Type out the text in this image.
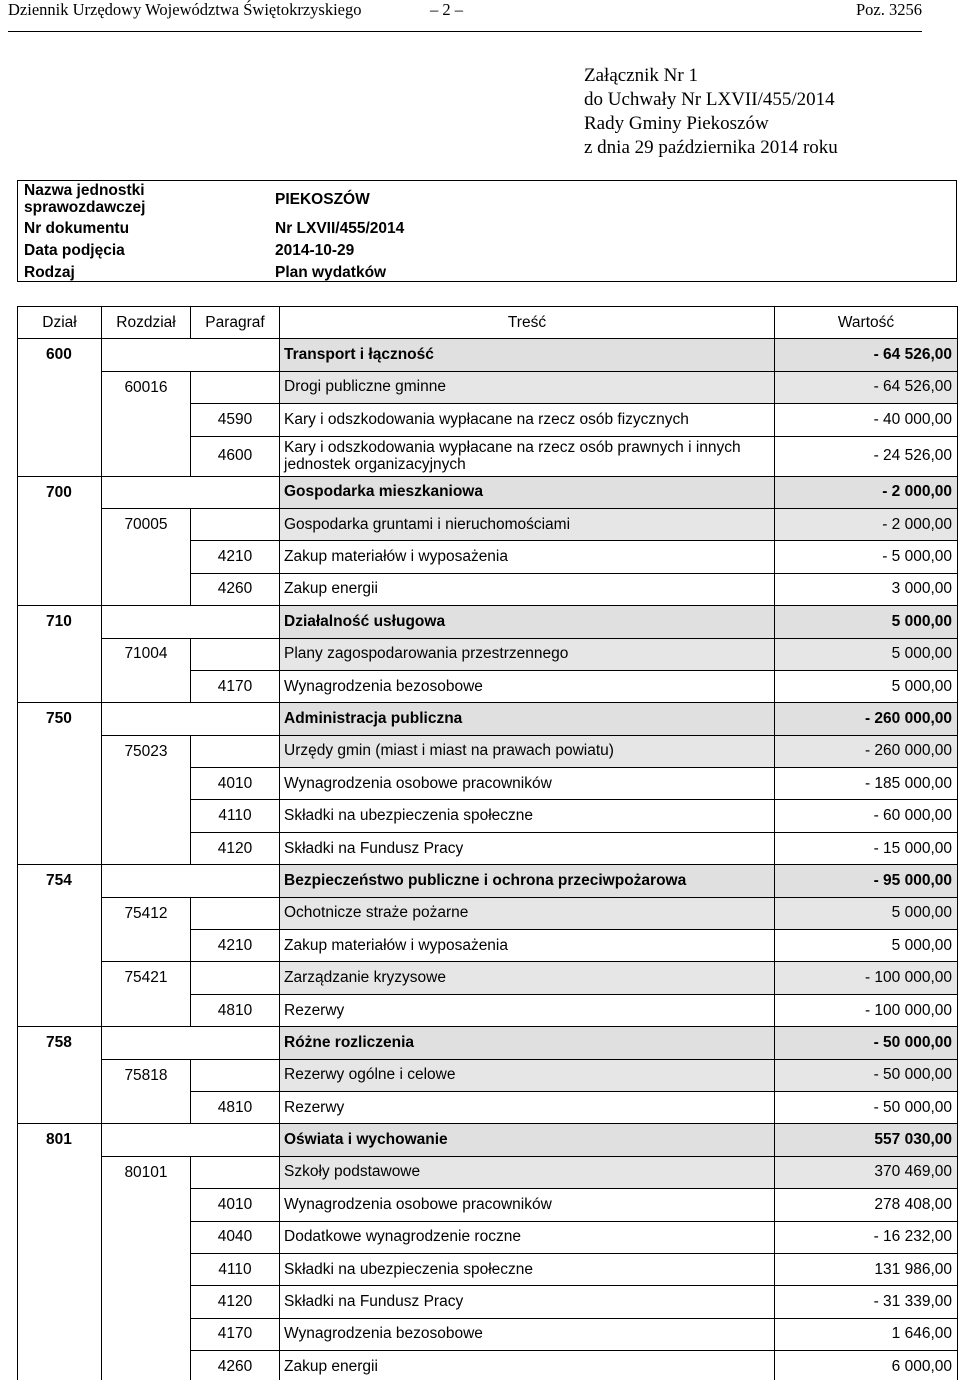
Dziennik Urzędowy Województwa Świętokrzyskiego	– 2 –	Poz. 3256
Załącznik Nr 1
do Uchwały Nr LXVII/455/2014
Rady Gminy Piekoszów
z dnia 29 października 2014 roku
Nazwa jednostki
sprawozdawczej	PIEKOSZÓW
Nr dokumentu	Nr LXVII/455/2014
Data podjęcia	2014-10-29
Rodzaj	Plan wydatków
Dział	Rozdział	Paragraf	Treść	Wartość
600			Transport i łączność	- 64 526,00
	60016		Drogi publiczne gminne	- 64 526,00
		4590	Kary i odszkodowania wypłacane na rzecz osób fizycznych	- 40 000,00
		4600	Kary i odszkodowania wypłacane na rzecz osób prawnych i innych jednostek organizacyjnych	- 24 526,00
700			Gospodarka mieszkaniowa	- 2 000,00
	70005		Gospodarka gruntami i nieruchomościami	- 2 000,00
		4210	Zakup materiałów i wyposażenia	- 5 000,00
		4260	Zakup energii	3 000,00
710			Działalność usługowa	5 000,00
	71004		Plany zagospodarowania przestrzennego	5 000,00
		4170	Wynagrodzenia bezosobowe	5 000,00
750			Administracja publiczna	- 260 000,00
	75023		Urzędy gmin (miast i miast na prawach powiatu)	- 260 000,00
		4010	Wynagrodzenia osobowe pracowników	- 185 000,00
		4110	Składki na ubezpieczenia społeczne	- 60 000,00
		4120	Składki na Fundusz Pracy	- 15 000,00
754			Bezpieczeństwo publiczne i ochrona przeciwpożarowa	- 95 000,00
	75412		Ochotnicze straże pożarne	5 000,00
		4210	Zakup materiałów i wyposażenia	5 000,00
	75421		Zarządzanie kryzysowe	- 100 000,00
		4810	Rezerwy	- 100 000,00
758			Różne rozliczenia	- 50 000,00
	75818		Rezerwy ogólne i celowe	- 50 000,00
		4810	Rezerwy	- 50 000,00
801			Oświata i wychowanie	557 030,00
	80101		Szkoły podstawowe	370 469,00
		4010	Wynagrodzenia osobowe pracowników	278 408,00
		4040	Dodatkowe wynagrodzenie roczne	- 16 232,00
		4110	Składki na ubezpieczenia społeczne	131 986,00
		4120	Składki na Fundusz Pracy	- 31 339,00
		4170	Wynagrodzenia bezosobowe	1 646,00
		4260	Zakup energii	6 000,00
